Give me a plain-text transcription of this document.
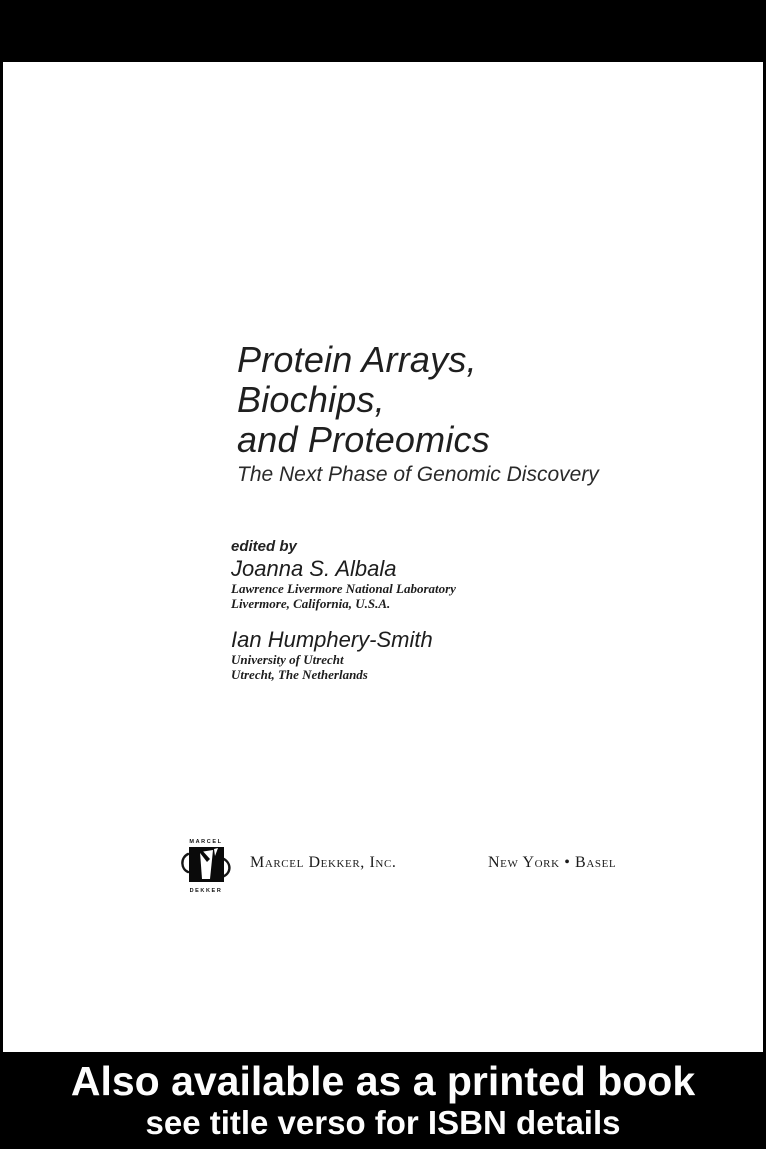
Protein Arrays,
Biochips,
and Proteomics
The Next Phase of Genomic Discovery
edited by
Joanna S. Albala
Lawrence Livermore National Laboratory
Livermore, California, U.S.A.
Ian Humphery-Smith
University of Utrecht
Utrecht, The Netherlands
MARCEL
DEKKER
Marcel Dekker, Inc.	New York • Basel
Also available as a printed book
see title verso for ISBN details
